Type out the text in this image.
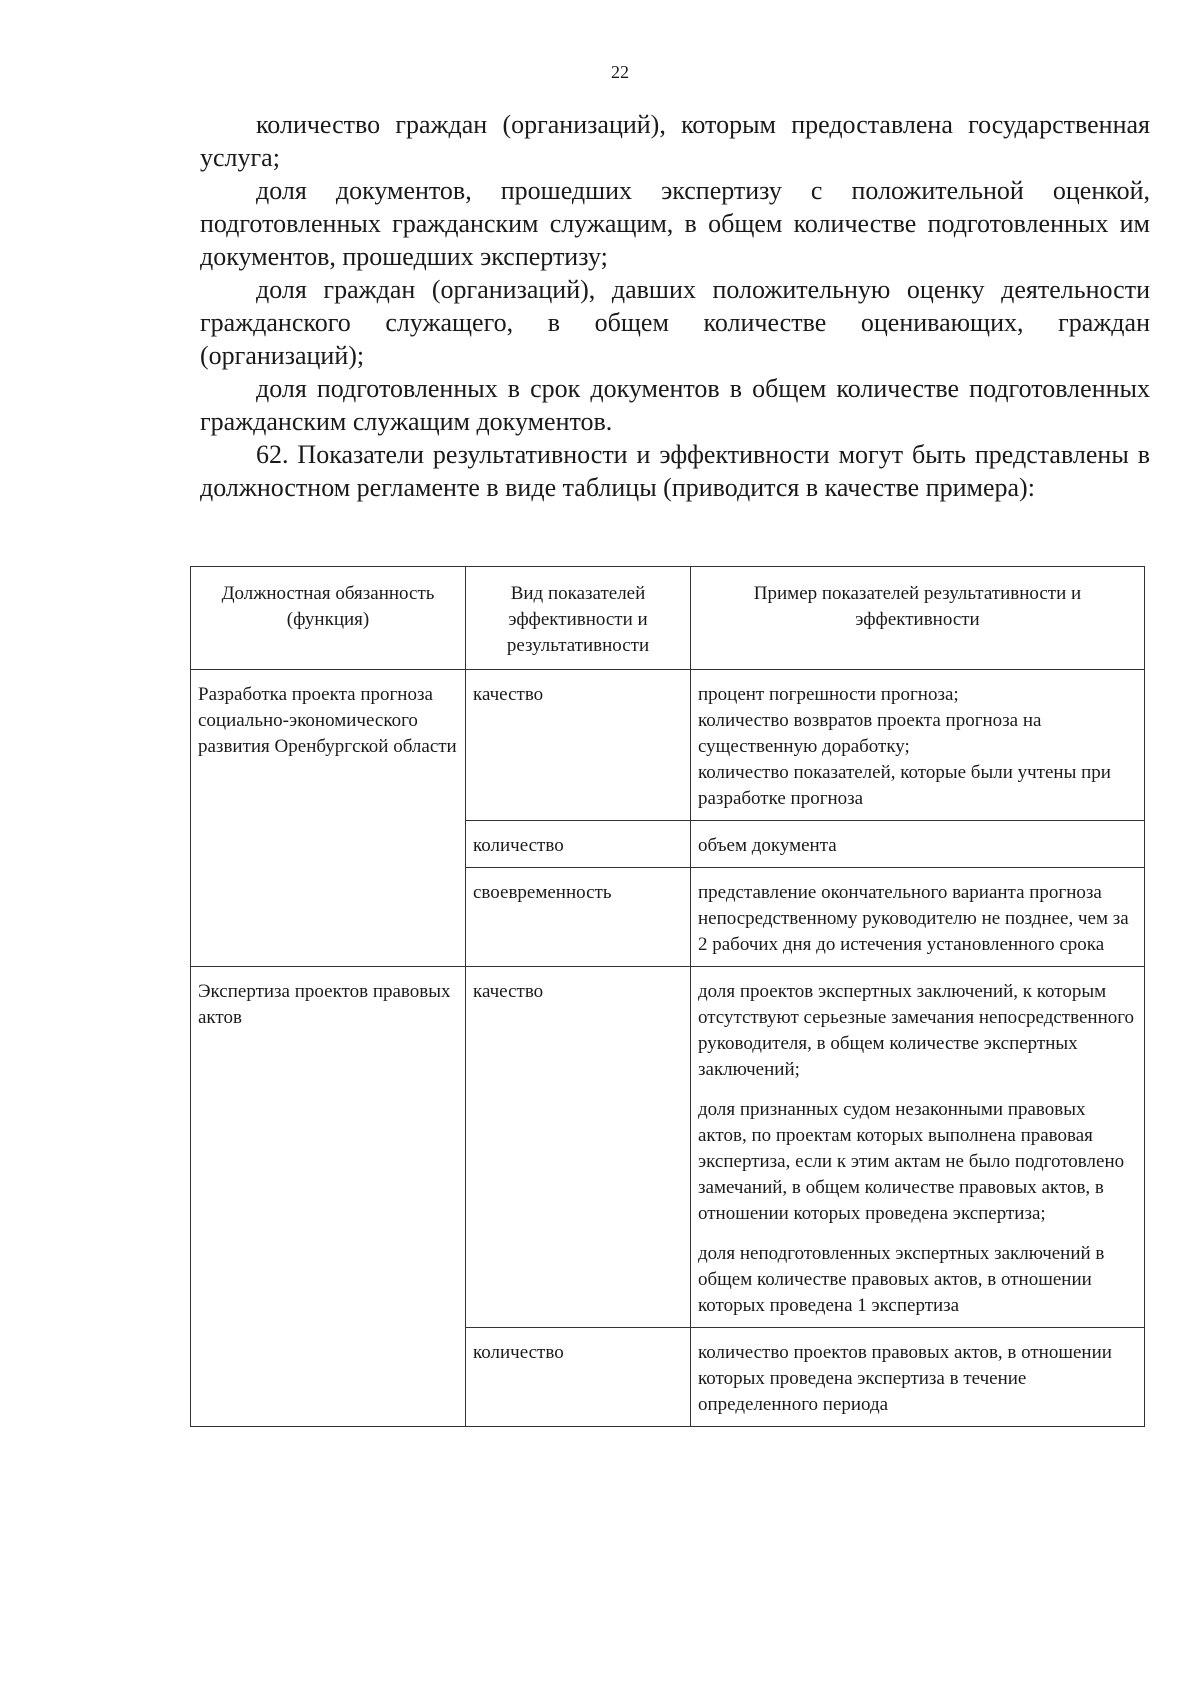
22

количество граждан (организаций), которым предоставлена государственная услуга;

доля документов, прошедших экспертизу с положительной оценкой, подготовленных гражданским служащим, в общем количестве подготовленных им документов, прошедших экспертизу;

доля граждан (организаций), давших положительную оценку деятельности гражданского служащего, в общем количестве оценивающих, граждан (организаций);

доля подготовленных в срок документов в общем количестве подготовленных гражданским служащим документов.

62. Показатели результативности и эффективности могут быть представлены в должностном регламенте в виде таблицы (приводится в качестве примера):

Должностная обязанность (функция)	Вид показателей эффективности и результативности	Пример показателей результативности и эффективности
Разработка проекта прогноза социально-экономического развития Оренбургской области	качество	процент погрешности прогноза;
количество возвратов проекта прогноза на существенную доработку;
количество показателей, которые были учтены при разработке прогноза

	количество	объем документа

	своевременность	представление окончательного варианта прогноза непосредственному руководителю не позднее, чем за 2 рабочих дня до истечения установленного срока

Экспертиза проектов правовых актов	качество	доля проектов экспертных заключений, к которым отсутствуют серьезные замечания непосредственного руководителя, в общем количестве экспертных заключений;

доля признанных судом незаконными правовых актов, по проектам которых выполнена правовая экспертиза, если к этим актам не было подготовлено замечаний, в общем количестве правовых актов, в отношении которых проведена экспертиза;

доля неподготовленных экспертных заключений в общем количестве правовых актов, в отношении которых проведена 1 экспертиза

	количество	количество проектов правовых актов, в отношении которых проведена экспертиза в течение определенного периода
